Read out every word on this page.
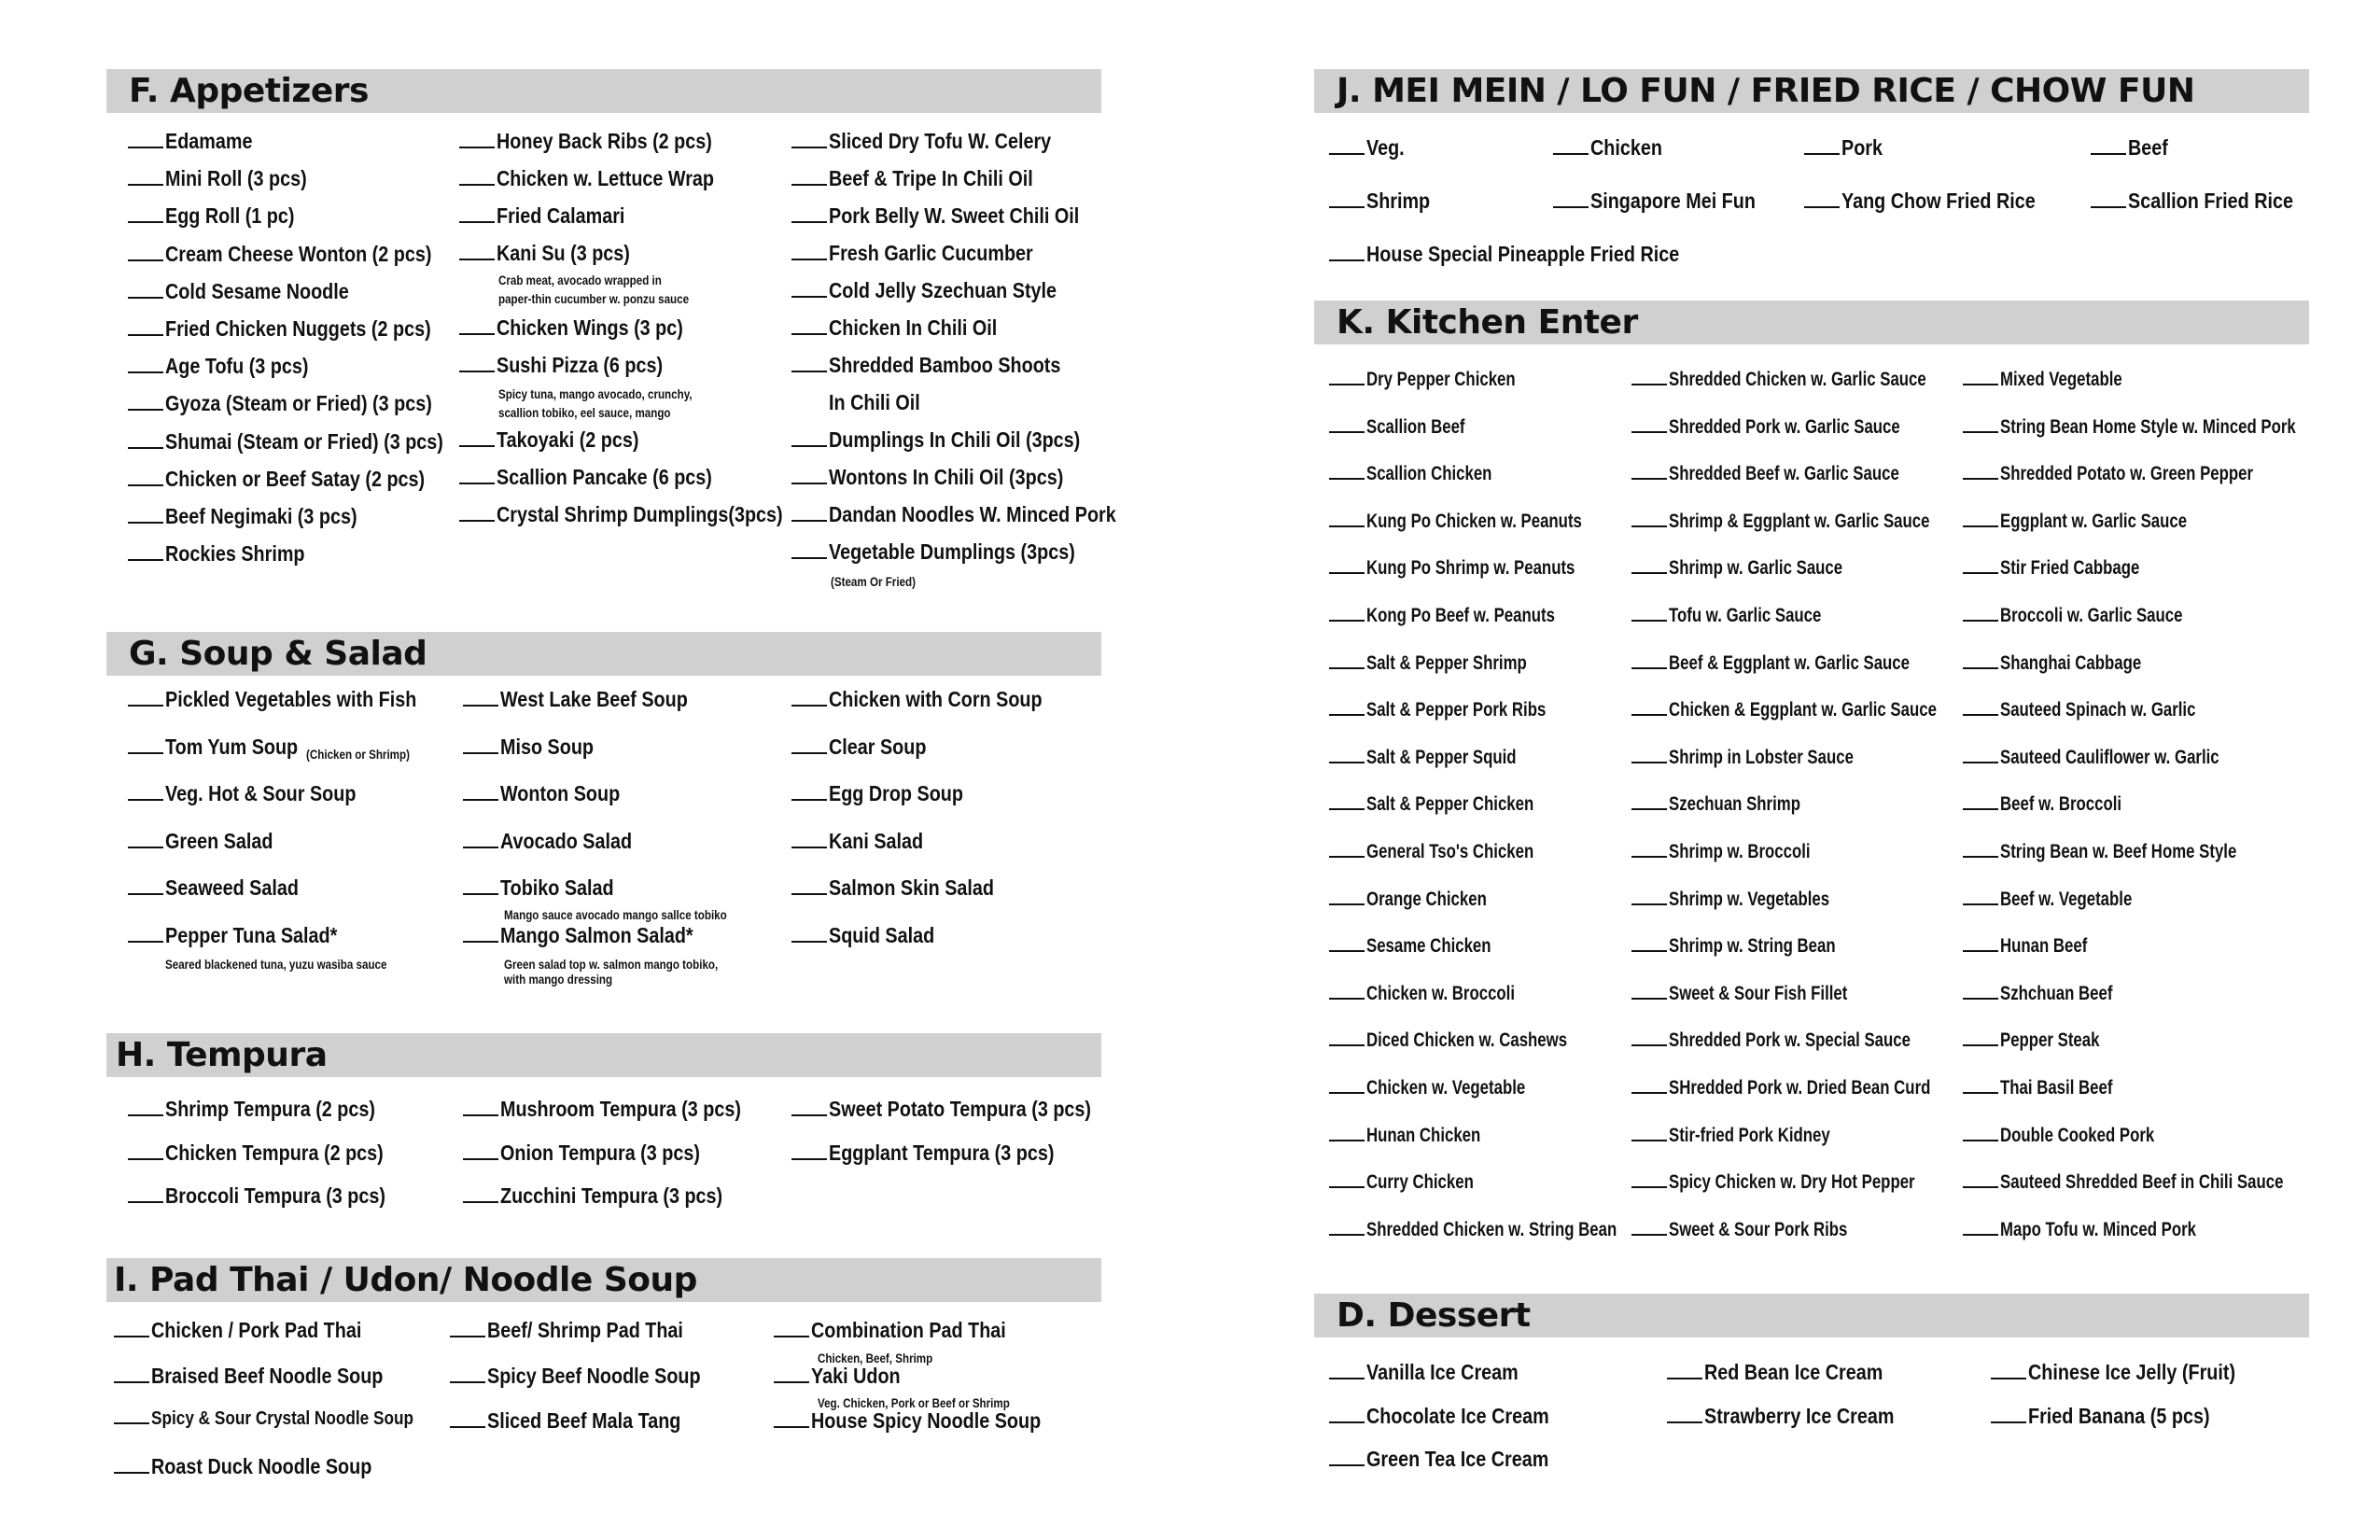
F. Appetizers
Edamame
Mini Roll (3 pcs)
Egg Roll (1 pc)
Cream Cheese Wonton (2 pcs)
Cold Sesame Noodle
Fried Chicken Nuggets (2 pcs)
Age Tofu (3 pcs)
Gyoza (Steam or Fried) (3 pcs)
Shumai (Steam or Fried) (3 pcs)
Chicken or Beef Satay (2 pcs)
Beef Negimaki (3 pcs)
Rockies Shrimp
Honey Back Ribs (2 pcs)
Chicken w. Lettuce Wrap
Fried Calamari
Kani Su (3 pcs)
Chicken Wings (3 pc)
Sushi Pizza (6 pcs)
Takoyaki (2 pcs)
Scallion Pancake (6 pcs)
Crystal Shrimp Dumplings(3pcs)
Sliced Dry Tofu W. Celery
Beef & Tripe In Chili Oil
Pork Belly W. Sweet Chili Oil
Fresh Garlic Cucumber
Cold Jelly Szechuan Style
Chicken In Chili Oil
Shredded Bamboo Shoots
In Chili Oil
Dumplings In Chili Oil (3pcs)
Wontons In Chili Oil (3pcs)
Dandan Noodles W. Minced Pork
Vegetable Dumplings (3pcs)
Crab meat, avocado wrapped in
paper-thin cucumber w. ponzu sauce
Spicy tuna, mango avocado, crunchy,
scallion tobiko, eel sauce, mango
(Steam Or Fried)
G. Soup & Salad
Pickled Vegetables with Fish
Tom Yum Soup
Veg. Hot & Sour Soup
Green Salad
Seaweed Salad
Pepper Tuna Salad*
West Lake Beef Soup
Miso Soup
Wonton Soup
Avocado Salad
Tobiko Salad
Mango Salmon Salad*
Chicken with Corn Soup
Clear Soup
Egg Drop Soup
Kani Salad
Salmon Skin Salad
Squid Salad
(Chicken or Shrimp)
Seared blackened tuna, yuzu wasiba sauce
Mango sauce avocado mango sallce tobiko
Green salad top w. salmon mango tobiko,
with mango dressing
H. Tempura
Shrimp Tempura (2 pcs)
Chicken Tempura (2 pcs)
Broccoli Tempura (3 pcs)
Mushroom Tempura (3 pcs)
Onion Tempura (3 pcs)
Zucchini Tempura (3 pcs)
Sweet Potato Tempura (3 pcs)
Eggplant Tempura (3 pcs)
I. Pad Thai / Udon/ Noodle Soup
Chicken / Pork Pad Thai
Braised Beef Noodle Soup
Spicy & Sour Crystal Noodle Soup
Roast Duck Noodle Soup
Beef/ Shrimp Pad Thai
Spicy Beef Noodle Soup
Sliced Beef Mala Tang
Combination Pad Thai
Yaki Udon
House Spicy Noodle Soup
Chicken, Beef, Shrimp
Veg. Chicken, Pork or Beef or Shrimp
J. MEI MEIN / LO FUN / FRIED RICE / CHOW FUN
Veg.	Chicken	Pork	Beef
Shrimp	Singapore Mei Fun	Yang Chow Fried Rice	Scallion Fried Rice
House Special Pineapple Fried Rice
K. Kitchen Enter
Dry Pepper Chicken
Scallion Beef
Scallion Chicken
Kung Po Chicken w. Peanuts
Kung Po Shrimp w. Peanuts
Kong Po Beef w. Peanuts
Salt & Pepper Shrimp
Salt & Pepper Pork Ribs
Salt & Pepper Squid
Salt & Pepper Chicken
General Tso's Chicken
Orange Chicken
Sesame Chicken
Chicken w. Broccoli
Diced Chicken w. Cashews
Chicken w. Vegetable
Hunan Chicken
Curry Chicken
Shredded Chicken w. String Bean
Shredded Chicken w. Garlic Sauce
Shredded Pork w. Garlic Sauce
Shredded Beef w. Garlic Sauce
Shrimp & Eggplant w. Garlic Sauce
Shrimp w. Garlic Sauce
Tofu w. Garlic Sauce
Beef & Eggplant w. Garlic Sauce
Chicken & Eggplant w. Garlic Sauce
Shrimp in Lobster Sauce
Szechuan Shrimp
Shrimp w. Broccoli
Shrimp w. Vegetables
Shrimp w. String Bean
Sweet & Sour Fish Fillet
Shredded Pork w. Special Sauce
SHredded Pork w. Dried Bean Curd
Stir-fried Pork Kidney
Spicy Chicken w. Dry Hot Pepper
Sweet & Sour Pork Ribs
Mixed Vegetable
String Bean Home Style w. Minced Pork
Shredded Potato w. Green Pepper
Eggplant w. Garlic Sauce
Stir Fried Cabbage
Broccoli w. Garlic Sauce
Shanghai Cabbage
Sauteed Spinach w. Garlic
Sauteed Cauliflower w. Garlic
Beef w. Broccoli
String Bean w. Beef Home Style
Beef w. Vegetable
Hunan Beef
Szhchuan Beef
Pepper Steak
Thai Basil Beef
Double Cooked Pork
Sauteed Shredded Beef in Chili Sauce
Mapo Tofu w. Minced Pork
D. Dessert
Vanilla Ice Cream
Chocolate Ice Cream
Green Tea Ice Cream
Red Bean Ice Cream
Strawberry Ice Cream
Chinese Ice Jelly (Fruit)
Fried Banana (5 pcs)
